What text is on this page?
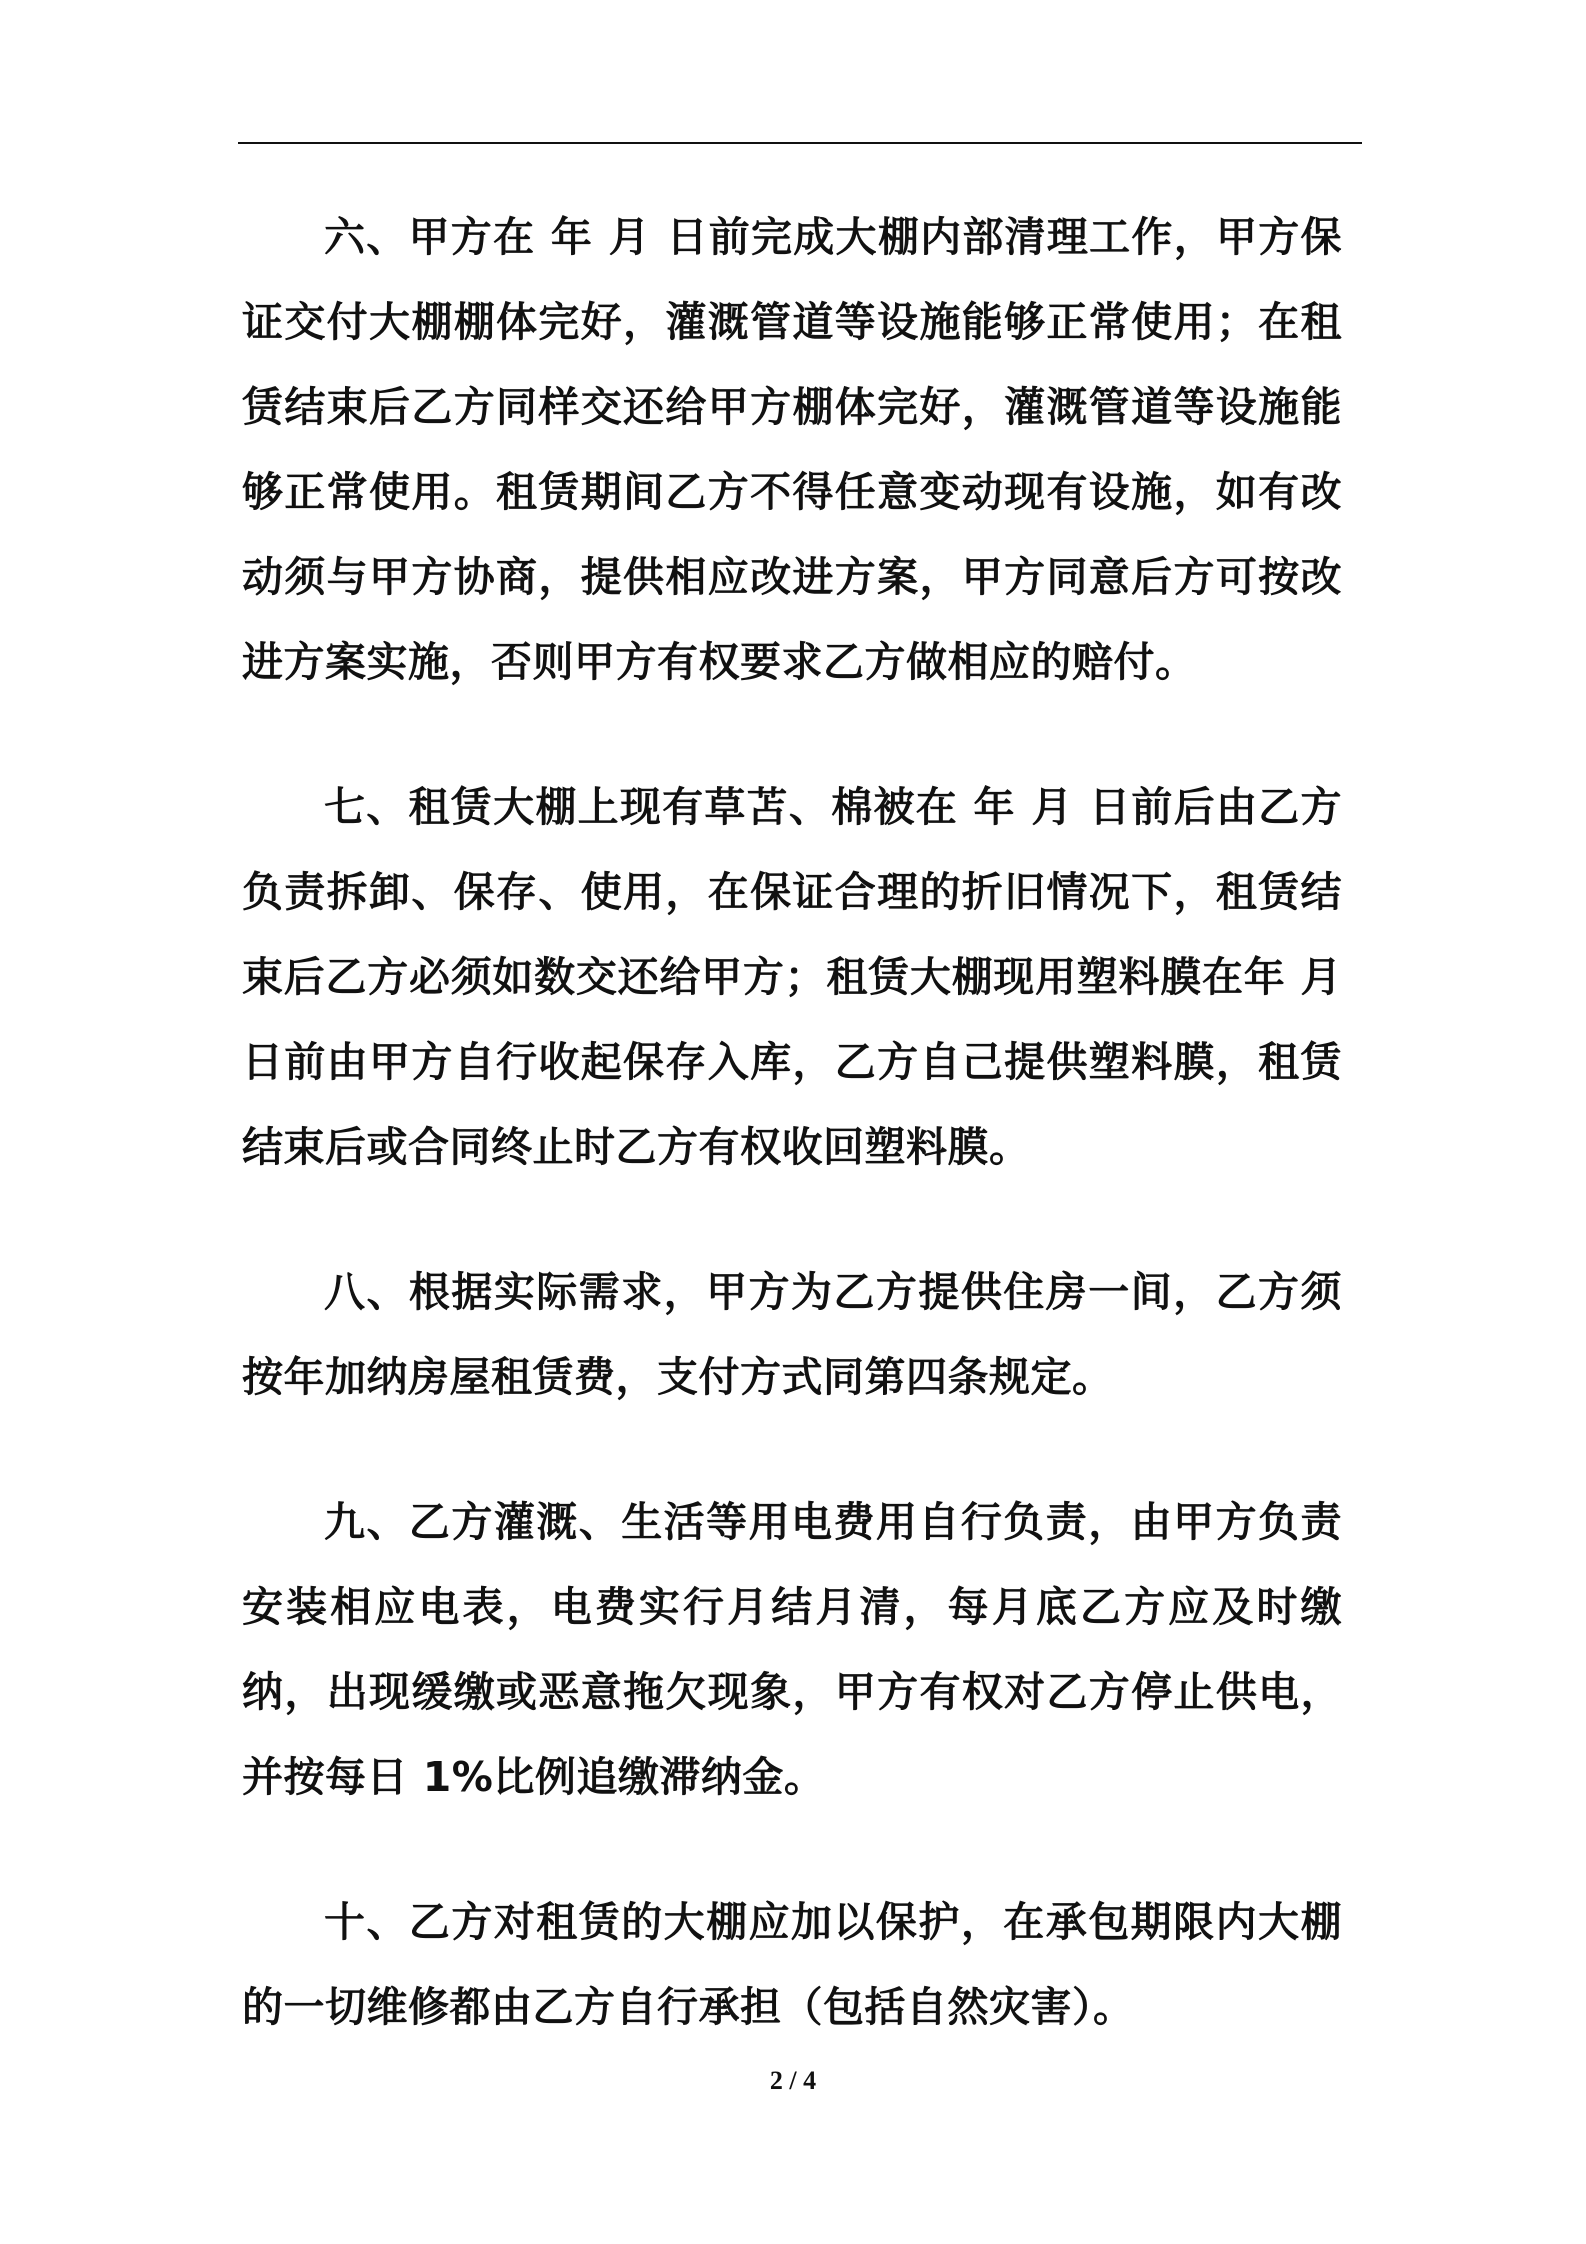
六、甲方在 年 月 日前完成大棚内部清理工作，甲方保证交付大棚棚体完好，灌溉管道等设施能够正常使用；在租赁结束后乙方同样交还给甲方棚体完好，灌溉管道等设施能够正常使用。租赁期间乙方不得任意变动现有设施，如有改动须与甲方协商，提供相应改进方案，甲方同意后方可按改进方案实施，否则甲方有权要求乙方做相应的赔付。

七、租赁大棚上现有草苫、棉被在 年 月 日前后由乙方负责拆卸、保存、使用，在保证合理的折旧情况下，租赁结束后乙方必须如数交还给甲方；租赁大棚现用塑料膜在年 月 日前由甲方自行收起保存入库，乙方自己提供塑料膜，租赁结束后或合同终止时乙方有权收回塑料膜。

八、根据实际需求，甲方为乙方提供住房一间，乙方须按年加纳房屋租赁费，支付方式同第四条规定。

九、乙方灌溉、生活等用电费用自行负责，由甲方负责安装相应电表，电费实行月结月清，每月底乙方应及时缴纳，出现缓缴或恶意拖欠现象，甲方有权对乙方停止供电，并按每日 1%比例追缴滞纳金。

十、乙方对租赁的大棚应加以保护，在承包期限内大棚的一切维修都由乙方自行承担（包括自然灾害）。

2 / 4
